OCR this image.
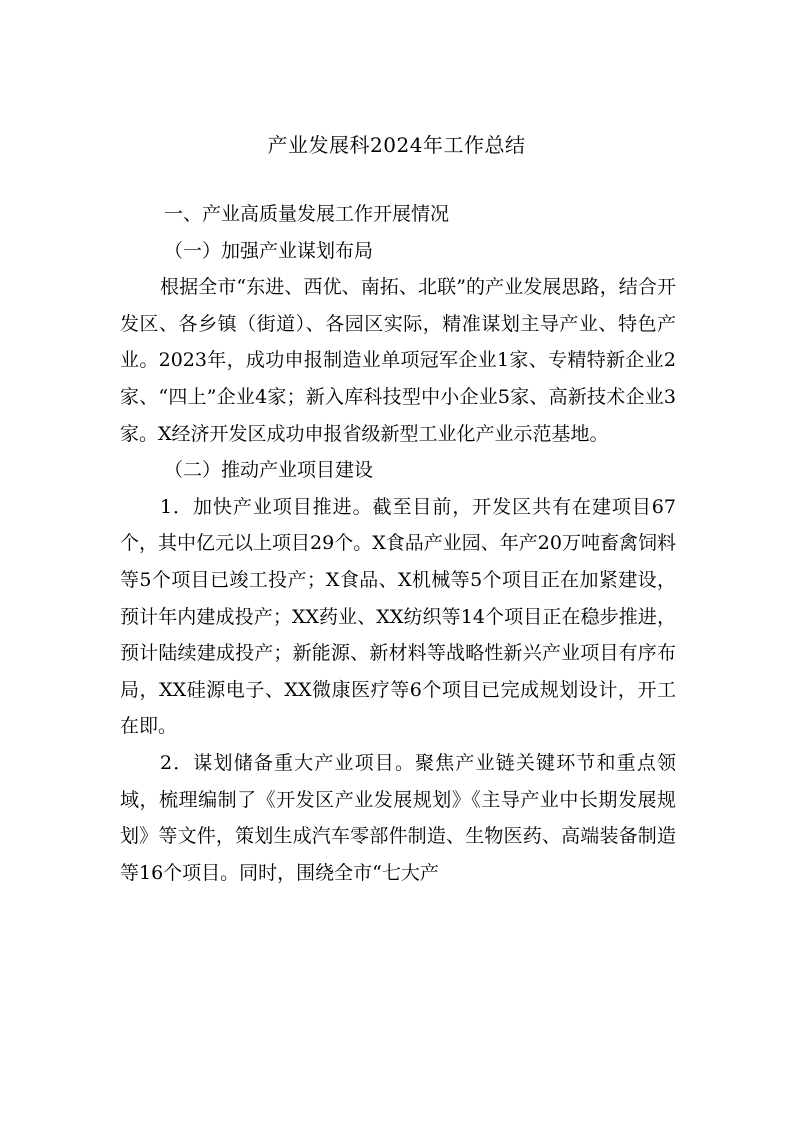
产业发展科2024年工作总结

一、产业高质量发展工作开展情况

（一）加强产业谋划布局

根据全市“东进、西优、南拓、北联”的产业发展思路，结合开发区、各乡镇（街道）、各园区实际，精准谋划主导产业、特色产业。2023年，成功申报制造业单项冠军企业1家、专精特新企业2家、“四上”企业4家；新入库科技型中小企业5家、高新技术企业3家。X经济开发区成功申报省级新型工业化产业示范基地。

（二）推动产业项目建设

1．加快产业项目推进。截至目前，开发区共有在建项目67个，其中亿元以上项目29个。X食品产业园、年产20万吨畜禽饲料等5个项目已竣工投产；X食品、X机械等5个项目正在加紧建设，预计年内建成投产；XX药业、XX纺织等14个项目正在稳步推进，预计陆续建成投产；新能源、新材料等战略性新兴产业项目有序布局，XX硅源电子、XX微康医疗等6个项目已完成规划设计，开工在即。

2．谋划储备重大产业项目。聚焦产业链关键环节和重点领域，梳理编制了《开发区产业发展规划》《主导产业中长期发展规划》等文件，策划生成汽车零部件制造、生物医药、高端装备制造等16个项目。同时，围绕全市“七大产
